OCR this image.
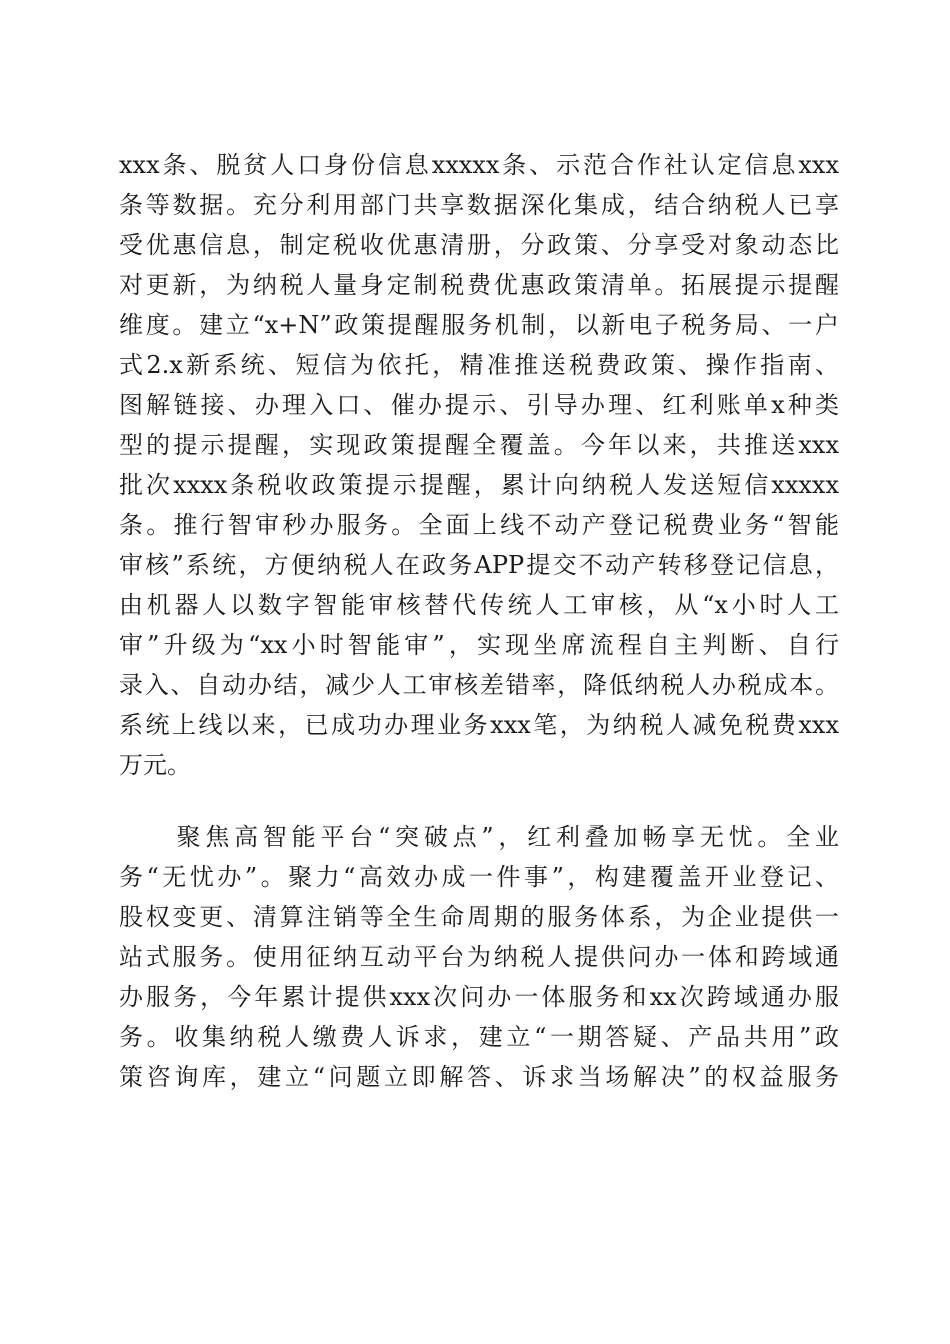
xxx条、脱贫人口身份信息xxxxx条、示范合作社认定信息xxx
条等数据。充分利用部门共享数据深化集成，结合纳税人已享
受优惠信息，制定税收优惠清册，分政策、分享受对象动态比
对更新，为纳税人量身定制税费优惠政策清单。拓展提示提醒
维度。建立“x+N”政策提醒服务机制，以新电子税务局、一户
式2.x新系统、短信为依托，精准推送税费政策、操作指南、
图解链接、办理入口、催办提示、引导办理、红利账单x种类
型的提示提醒，实现政策提醒全覆盖。今年以来，共推送xxx
批次xxxx条税收政策提示提醒，累计向纳税人发送短信xxxxx
条。推行智审秒办服务。全面上线不动产登记税费业务“智能
审核”系统，方便纳税人在政务APP提交不动产转移登记信息，
由机器人以数字智能审核替代传统人工审核，从“x小时人工
审”升级为“xx小时智能审”，实现坐席流程自主判断、自行
录入、自动办结，减少人工审核差错率，降低纳税人办税成本。
系统上线以来，已成功办理业务xxx笔，为纳税人减免税费xxx
万元。
　　聚焦高智能平台“突破点”，红利叠加畅享无忧。全业
务“无忧办”。聚力“高效办成一件事”，构建覆盖开业登记、
股权变更、清算注销等全生命周期的服务体系，为企业提供一
站式服务。使用征纳互动平台为纳税人提供问办一体和跨域通
办服务，今年累计提供xxx次问办一体服务和xx次跨域通办服
务。收集纳税人缴费人诉求，建立“一期答疑、产品共用”政
策咨询库，建立“问题立即解答、诉求当场解决”的权益服务
